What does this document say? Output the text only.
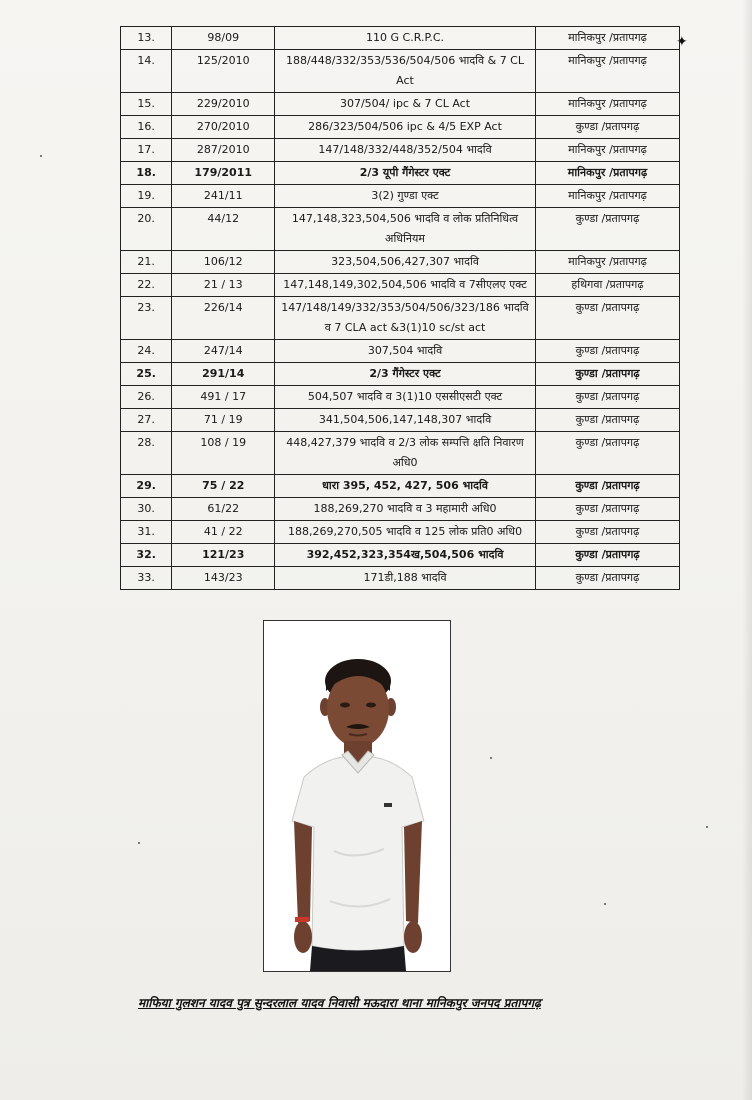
✦
13.	98/09	110 G C.R.P.C.	मानिकपुर /प्रतापगढ़
14.	125/2010	188/448/332/353/536/504/506 भादवि & 7 CL Act	मानिकपुर /प्रतापगढ़
15.	229/2010	307/504/ ipc & 7 CL Act	मानिकपुर /प्रतापगढ़
16.	270/2010	286/323/504/506 ipc & 4/5 EXP Act	कुण्डा /प्रतापगढ़
17.	287/2010	147/148/332/448/352/504 भादवि	मानिकपुर /प्रतापगढ़
18.	179/2011	2/3 यूपी गैंगेस्टर एक्ट	मानिकपुर /प्रतापगढ़
19.	241/11	3(2) गुण्डा एक्ट	मानिकपुर /प्रतापगढ़
20.	44/12	147,148,323,504,506 भादवि व लोक प्रतिनिधित्व अधिनियम	कुण्डा /प्रतापगढ़
21.	106/12	323,504,506,427,307 भादवि	मानिकपुर /प्रतापगढ़
22.	21 / 13	147,148,149,302,504,506 भादवि व 7सीएलए एक्ट	हथिगवा /प्रतापगढ़
23.	226/14	147/148/149/332/353/504/506/323/186 भादवि व 7 CLA act &3(1)10 sc/st act	कुण्डा /प्रतापगढ़
24.	247/14	307,504 भादवि	कुण्डा /प्रतापगढ़
25.	291/14	2/3 गैंगेस्टर एक्ट	कुण्डा /प्रतापगढ़
26.	491 / 17	504,507 भादवि व 3(1)10 एससीएसटी एक्ट	कुण्डा /प्रतापगढ़
27.	71 / 19	341,504,506,147,148,307 भादवि	कुण्डा /प्रतापगढ़
28.	108 / 19	448,427,379 भादवि व 2/3 लोक सम्पत्ति क्षति निवारण अधि0	कुण्डा /प्रतापगढ़
29.	75 / 22	धारा 395, 452, 427, 506 भादवि	कुण्डा /प्रतापगढ़
30.	61/22	188,269,270 भादवि व 3 महामारी अधि0	कुण्डा /प्रतापगढ़
31.	41 / 22	188,269,270,505 भादवि व 125 लोक प्रति0 अधि0	कुण्डा /प्रतापगढ़
32.	121/23	392,452,323,354ख,504,506 भादवि	कुण्डा /प्रतापगढ़
33.	143/23	171डी,188 भादवि	कुण्डा /प्रतापगढ़
माफिया गुलशन यादव पुत्र सुन्दरलाल यादव निवासी मऊदारा थाना मानिकपुर जनपद प्रतापगढ़
